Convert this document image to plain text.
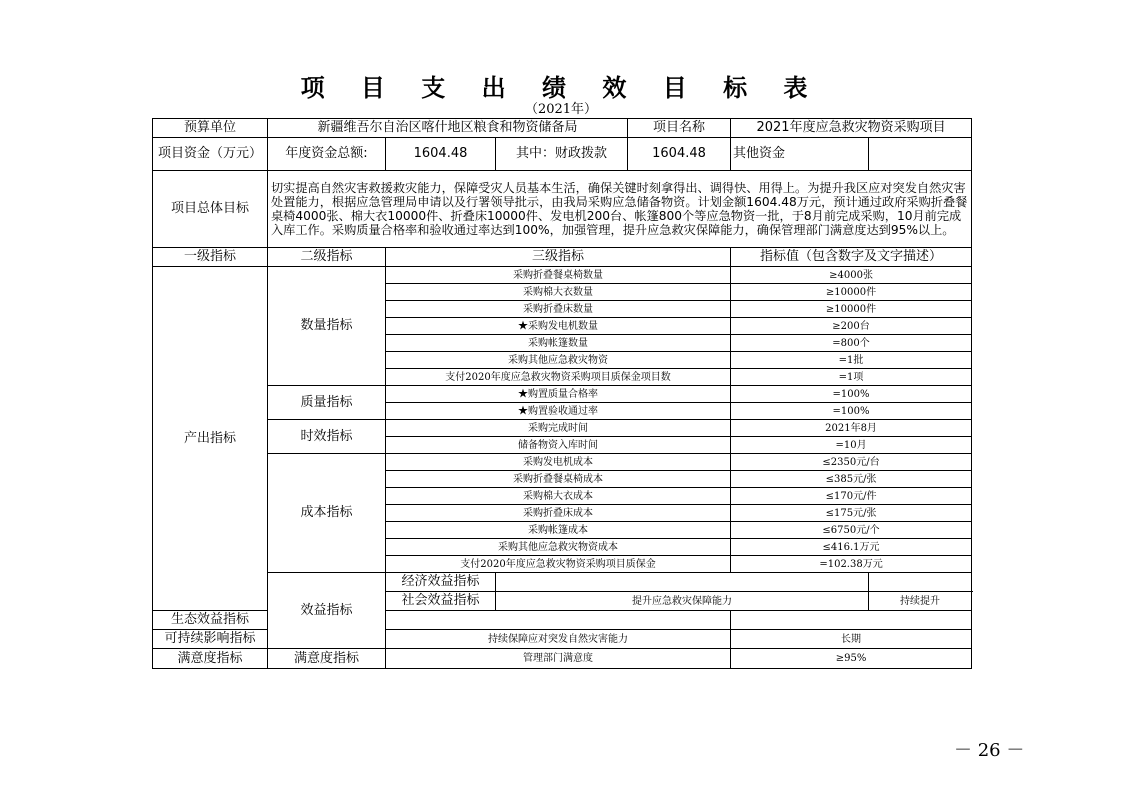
项 目 支 出 绩 效 目 标 表
（2021年）
预算单位	新疆维吾尔自治区喀什地区粮食和物资储备局			项目名称	2021年度应急救灾物资采购项目	
项目资金（万元）	年度资金总额:	1604.48	其中：财政拨款	1604.48	其他资金	
项目总体目标	切实提高自然灾害救援救灾能力，保障受灾人员基本生活，确保关键时刻拿得出、调得快、用得上。为提升我区应对突发自然灾害处置能力，根据应急管理局申请以及行署领导批示，由我局采购应急储备物资。计划金额1604.48万元，预计通过政府采购折叠餐桌椅4000张、棉大衣10000件、折叠床10000件、发电机200台、帐篷800个等应急物资一批，于8月前完成采购，10月前完成入库工作。采购质量合格率和验收通过率达到100%，加强管理，提升应急救灾保障能力，确保管理部门满意度达到95%以上。					
一级指标	二级指标	三级指标			指标值（包含数字及文字描述）	
产出指标	数量指标	采购折叠餐桌椅数量			≥4000张	
		采购棉大衣数量			≥10000件	
		采购折叠床数量			≥10000件	
		★采购发电机数量			≥200台	
		采购帐篷数量			=800个	
		采购其他应急救灾物资			=1批	
		支付2020年度应急救灾物资采购项目质保金项目数			=1项	
	质量指标	★购置质量合格率			=100%	
		★购置验收通过率			=100%	
	时效指标	采购完成时间			2021年8月	
		储备物资入库时间			=10月	
	成本指标	采购发电机成本			≤2350元/台	
		采购折叠餐桌椅成本			≤385元/张	
		采购棉大衣成本			≤170元/件	
		采购折叠床成本			≤175元/张	
		采购帐篷成本			≤6750元/个	
		采购其他应急救灾物资成本			≤416.1万元	
		支付2020年度应急救灾物资采购项目质保金			=102.38万元	
	效益指标	经济效益指标				
		社会效益指标	提升应急救灾保障能力			持续提升
生态效益指标						
可持续影响指标		持续保障应对突发自然灾害能力			长期	
满意度指标	满意度指标	管理部门满意度			≥95%	
－ 26 －
